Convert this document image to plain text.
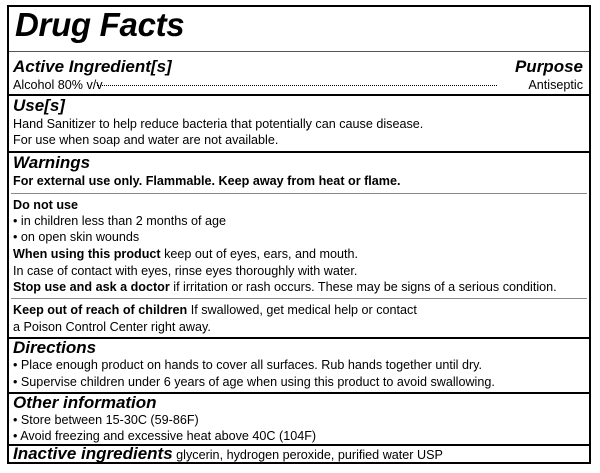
Drug Facts
Active Ingredient[s]	Purpose
Alcohol 80% v/v	Antiseptic
Use[s]
Hand Sanitizer to help reduce bacteria that potentially can cause disease.
For use when soap and water are not available.
Warnings
For external use only. Flammable. Keep away from heat or flame.
Do not use
• in children less than 2 months of age
• on open skin wounds
When using this product keep out of eyes, ears, and mouth.
In case of contact with eyes, rinse eyes thoroughly with water.
Stop use and ask a doctor if irritation or rash occurs. These may be signs of a serious condition.
Keep out of reach of children If swallowed, get medical help or contact
a Poison Control Center right away.
Directions
• Place enough product on hands to cover all surfaces. Rub hands together until dry.
• Supervise children under 6 years of age when using this product to avoid swallowing.
Other information
• Store between 15-30C (59-86F)
• Avoid freezing and excessive heat above 40C (104F)
Inactive ingredients glycerin, hydrogen peroxide, purified water USP
